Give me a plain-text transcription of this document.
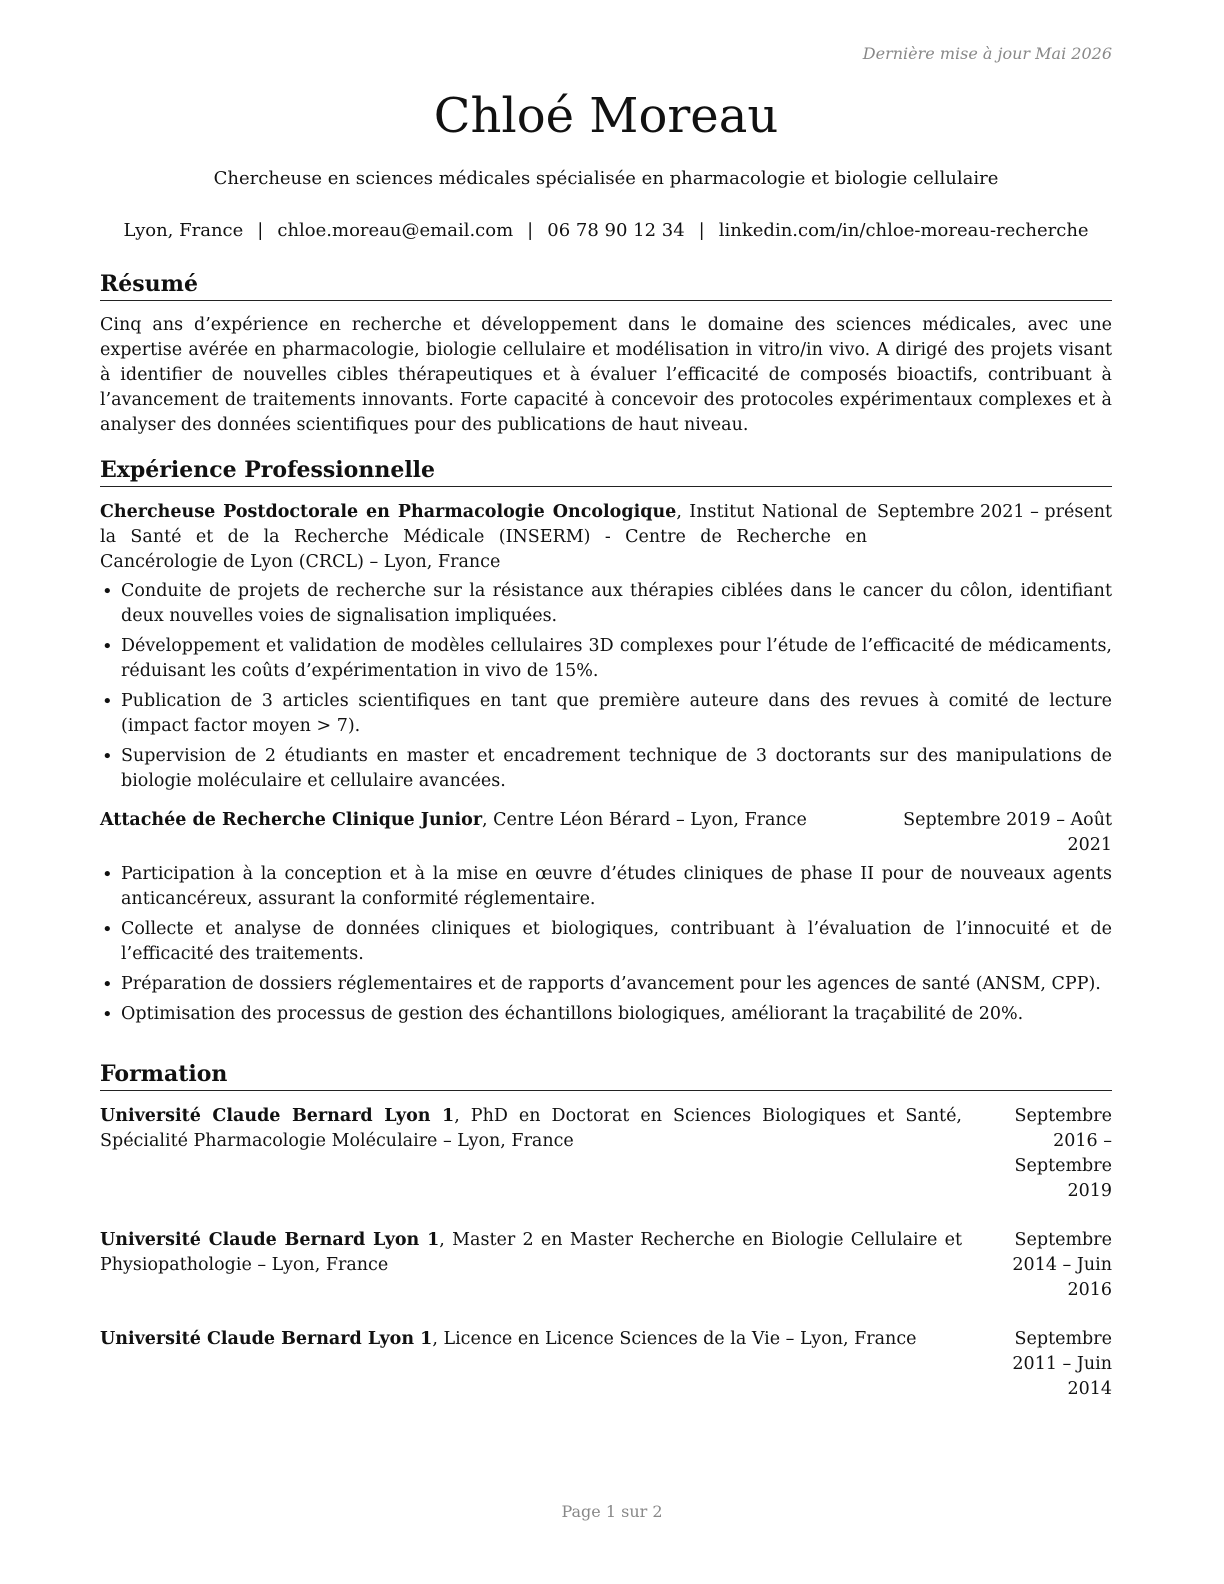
Dernière mise à jour Mai 2026
Chloé Moreau
Chercheuse en sciences médicales spécialisée en pharmacologie et biologie cellulaire
Lyon, France | chloe.moreau@email.com | 06 78 90 12 34 | linkedin.com/in/chloe-moreau-recherche
Résumé
Cinq ans d’expérience en recherche et développement dans le domaine des sciences médicales, avec une expertise avérée en pharmacologie, biologie cellulaire et modélisation in vitro/in vivo. A dirigé des projets visant à identifier de nouvelles cibles thérapeutiques et à évaluer l’efficacité de composés bioactifs, contribuant à l’avancement de traitements innovants. Forte capacité à concevoir des protocoles expérimentaux complexes et à analyser des données scientifiques pour des publications de haut niveau.
Expérience Professionnelle
Chercheuse Postdoctorale en Pharmacologie Oncologique, Institut National de la Santé et de la Recherche Médicale (INSERM) - Centre de Recherche en Cancérologie de Lyon (CRCL) – Lyon, France
Septembre 2021 – présent
• Conduite de projets de recherche sur la résistance aux thérapies ciblées dans le cancer du côlon, identifiant deux nouvelles voies de signalisation impliquées.
• Développement et validation de modèles cellulaires 3D complexes pour l’étude de l’efficacité de médicaments, réduisant les coûts d’expérimentation in vivo de 15%.
• Publication de 3 articles scientifiques en tant que première auteure dans des revues à comité de lecture (impact factor moyen > 7).
• Supervision de 2 étudiants en master et encadrement technique de 3 doctorants sur des manipulations de biologie moléculaire et cellulaire avancées.
Attachée de Recherche Clinique Junior, Centre Léon Bérard – Lyon, France	Septembre 2019 – Août 2021
• Participation à la conception et à la mise en œuvre d’études cliniques de phase II pour de nouveaux agents anticancéreux, assurant la conformité réglementaire.
• Collecte et analyse de données cliniques et biologiques, contribuant à l’évaluation de l’innocuité et de l’efficacité des traitements.
• Préparation de dossiers réglementaires et de rapports d’avancement pour les agences de santé (ANSM, CPP).
• Optimisation des processus de gestion des échantillons biologiques, améliorant la traçabilité de 20%.
Formation
Université Claude Bernard Lyon 1, PhD en Doctorat en Sciences Biologiques et Santé, Spécialité Pharmacologie Moléculaire – Lyon, France
Septembre 2016 – Septembre 2019
Université Claude Bernard Lyon 1, Master 2 en Master Recherche en Biologie Cellulaire et Physiopathologie – Lyon, France
Septembre 2014 – Juin 2016
Université Claude Bernard Lyon 1, Licence en Licence Sciences de la Vie – Lyon, France	Septembre 2011 – Juin 2014
Page 1 sur 2
